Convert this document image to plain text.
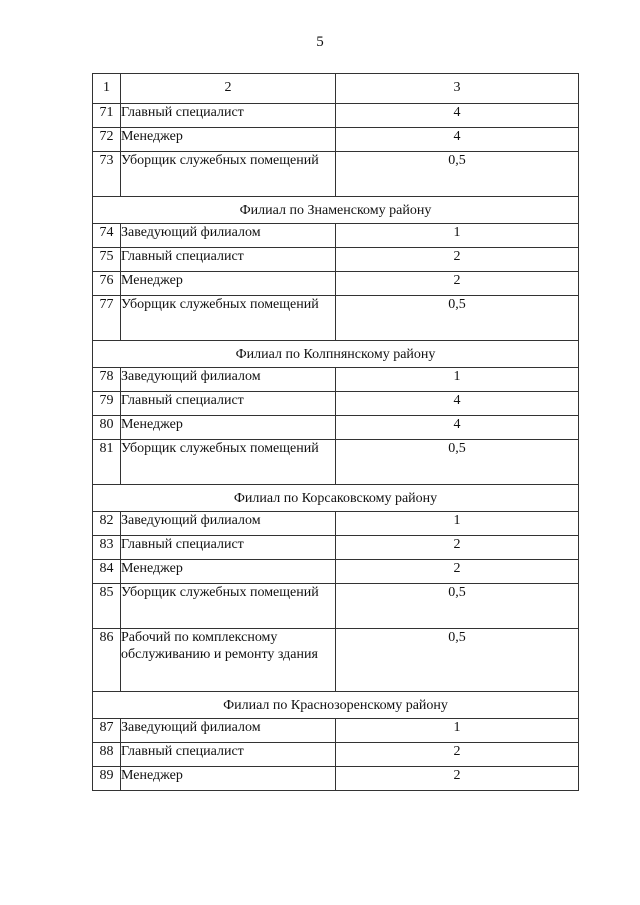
5
1	2	3
71	Главный специалист	4
72	Менеджер	4
73	Уборщик служебных помещений	0,5
Филиал по Знаменскому району		
74	Заведующий филиалом	1
75	Главный специалист	2
76	Менеджер	2
77	Уборщик служебных помещений	0,5
Филиал по Колпнянскому району		
78	Заведующий филиалом	1
79	Главный специалист	4
80	Менеджер	4
81	Уборщик служебных помещений	0,5
Филиал по Корсаковскому району		
82	Заведующий филиалом	1
83	Главный специалист	2
84	Менеджер	2
85	Уборщик служебных помещений	0,5
86	Рабочий по комплексному обслуживанию и ремонту здания	0,5
Филиал по Краснозоренскому району		
87	Заведующий филиалом	1
88	Главный специалист	2
89	Менеджер	2
